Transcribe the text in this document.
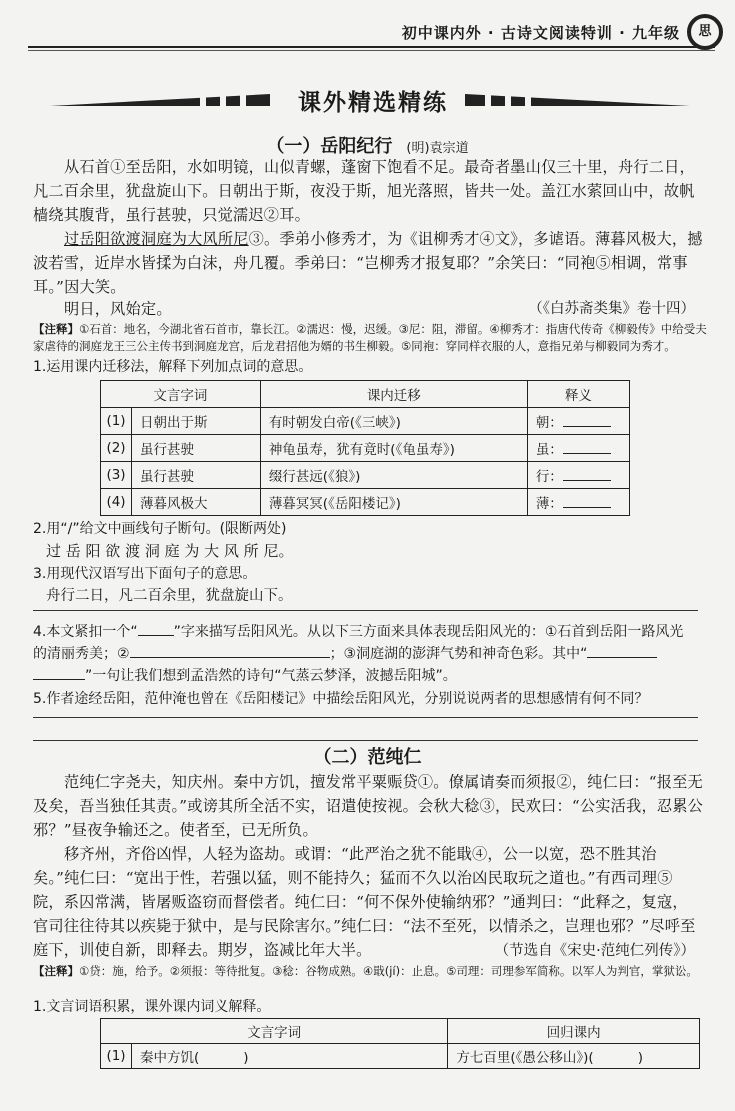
初中课内外 · 古诗文阅读特训 · 九年级	思
课外精选精练
（一）岳阳纪行 (明)袁宗道
从石首①至岳阳，水如明镜，山似青螺，蓬窗下饱看不足。最奇者墨山仅三十里，舟行二日，凡二百余里，犹盘旋山下。日朝出于斯，夜没于斯，旭光落照，皆共一处。盖江水萦回山中，故帆樯绕其腹背，虽行甚驶，只觉濡迟②耳。
过岳阳欲渡洞庭为大风所尼③。季弟小修秀才，为《诅柳秀才④文》，多谑语。薄暮风极大，撼波若雪，近岸水皆揉为白沫，舟几覆。季弟曰：“岂柳秀才报复耶？”余笑曰：“同袍⑤相调，常事耳。”因大笑。
明日，风始定。	（《白苏斋类集》卷十四）
【注释】①石首：地名，今湖北省石首市，靠长江。②濡迟：慢，迟缓。③尼：阻，滞留。④柳秀才：指唐代传奇《柳毅传》中给受夫家虐待的洞庭龙王三公主传书到洞庭龙宫，后龙君招他为婿的书生柳毅。⑤同袍：穿同样衣服的人，意指兄弟与柳毅同为秀才。
1.运用课内迁移法，解释下列加点词的意思。
文言字词		课内迁移	释义
(1)	日朝出于斯	有时朝发白帝(《三峡》)	朝：
(2)	虽行甚驶	神龟虽寿，犹有竟时(《龟虽寿》)	虽：
(3)	虽行甚驶	缀行甚远(《狼》)	行：
(4)	薄暮风极大	薄暮冥冥(《岳阳楼记》)	薄：
2.用“/”给文中画线句子断句。(限断两处)
过 岳 阳 欲 渡 洞 庭 为 大 风 所 尼。
3.用现代汉语写出下面句子的意思。
舟行二日，凡二百余里，犹盘旋山下。
4.本文紧扣一个“	”字来描写岳阳风光。从以下三方面来具体表现岳阳风光的：①石首到岳阳一路风光
的清丽秀美；②	；③洞庭湖的澎湃气势和神奇色彩。其中“
”一句让我们想到孟浩然的诗句“气蒸云梦泽，波撼岳阳城”。
5.作者途经岳阳，范仲淹也曾在《岳阳楼记》中描绘岳阳风光，分别说说两者的思想感情有何不同？
（二）范纯仁
范纯仁字尧夫，知庆州。秦中方饥，擅发常平粟赈贷①。僚属请奏而须报②，纯仁曰：“报至无及矣，吾当独任其责。”或谤其所全活不实，诏遣使按视。会秋大稔③，民欢曰：“公实活我，忍累公邪？”昼夜争输还之。使者至，已无所负。
移齐州，齐俗凶悍，人轻为盗劫。或谓：“此严治之犹不能戢④，公一以宽，恐不胜其治矣。”纯仁曰：“宽出于性，若强以猛，则不能持久；猛而不久以治凶民取玩之道也。”有西司理⑤院，系囚常满，皆屠贩盗窃而督偿者。纯仁曰：“何不保外使输纳邪？”通判曰：“此释之，复寇，官司往往待其以疾毙于狱中，是与民除害尔。”纯仁曰：“法不至死，以情杀之，岂理也邪？”尽呼至庭下，训使自新，即释去。期岁，盗减比年大半。	（节选自《宋史·范纯仁列传》）
【注释】①贷：施，给予。②须报：等待批复。③稔：谷物成熟。④戢(jí)：止息。⑤司理：司理参军简称。以军人为判官，掌狱讼。
1.文言词语积累，课外课内词义解释。
文言字词		回归课内
(1)	秦中方饥( )	方七百里(《愚公移山》)( )
